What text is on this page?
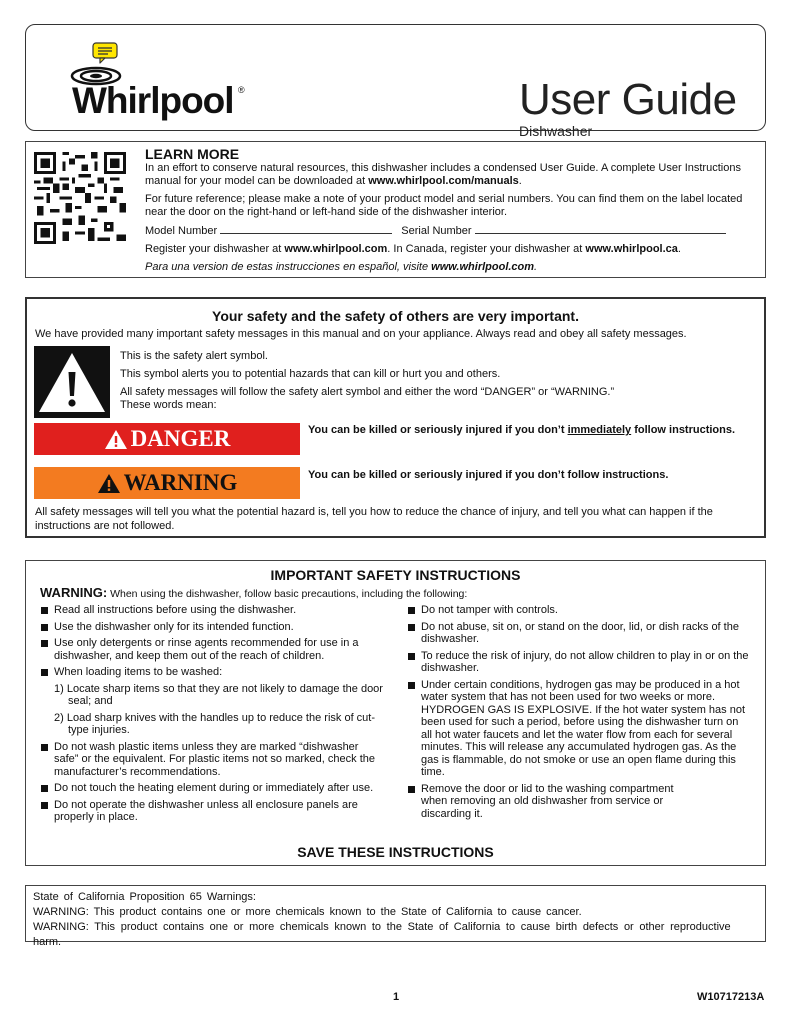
Whirlpool ®	User Guide
Dishwasher
LEARN MORE

In an effort to conserve natural resources, this dishwasher includes a condensed User Guide. A complete User Instructions manual for your model can be downloaded at www.whirlpool.com/manuals.

For future reference; please make a note of your product model and serial numbers. You can find them on the label located near the door on the right-hand or left-hand side of the dishwasher interior.

Model Number	Serial Number

Register your dishwasher at www.whirlpool.com. In Canada, register your dishwasher at www.whirlpool.ca.

Para una version de estas instrucciones en español, visite www.whirlpool.com.

Your safety and the safety of others are very important.
We have provided many important safety messages in this manual and on your appliance. Always read and obey all safety messages.

This is the safety alert symbol.

This symbol alerts you to potential hazards that can kill or hurt you and others.

All safety messages will follow the safety alert symbol and either the word “DANGER” or “WARNING.”

These words mean:

DANGER	You can be killed or seriously injured if you don’t immediately follow instructions.
WARNING	You can be killed or seriously injured if you don’t follow instructions.
All safety messages will tell you what the potential hazard is, tell you how to reduce the chance of injury, and tell you what can happen if the instructions are not followed.
IMPORTANT SAFETY INSTRUCTIONS
WARNING: When using the dishwasher, follow basic precautions, including the following:
Read all instructions before using the dishwasher.
Use the dishwasher only for its intended function.
Use only detergents or rinse agents recommended for use in a dishwasher, and keep them out of the reach of children.
When loading items to be washed:
1) Locate sharp items so that they are not likely to damage the door seal; and
2) Load sharp knives with the handles up to reduce the risk of cut-type injuries.
Do not wash plastic items unless they are marked “dishwasher safe” or the equivalent. For plastic items not so marked, check the manufacturer’s recommendations.
Do not touch the heating element during or immediately after use.
Do not operate the dishwasher unless all enclosure panels are properly in place.
Do not tamper with controls.
Do not abuse, sit on, or stand on the door, lid, or dish racks of the dishwasher.
To reduce the risk of injury, do not allow children to play in or on the dishwasher.
Under certain conditions, hydrogen gas may be produced in a hot water system that has not been used for two weeks or more. HYDROGEN GAS IS EXPLOSIVE. If the hot water system has not been used for such a period, before using the dishwasher turn on all hot water faucets and let the water flow from each for several minutes. This will release any accumulated hydrogen gas. As the gas is flammable, do not smoke or use an open flame during this time.
Remove the door or lid to the washing compartment when removing an old dishwasher from service or discarding it.
SAVE THESE INSTRUCTIONS

State of California Proposition 65 Warnings:

WARNING: This product contains one or more chemicals known to the State of California to cause cancer.

WARNING: This product contains one or more chemicals known to the State of California to cause birth defects or other reproductive harm.

1	W10717213A
